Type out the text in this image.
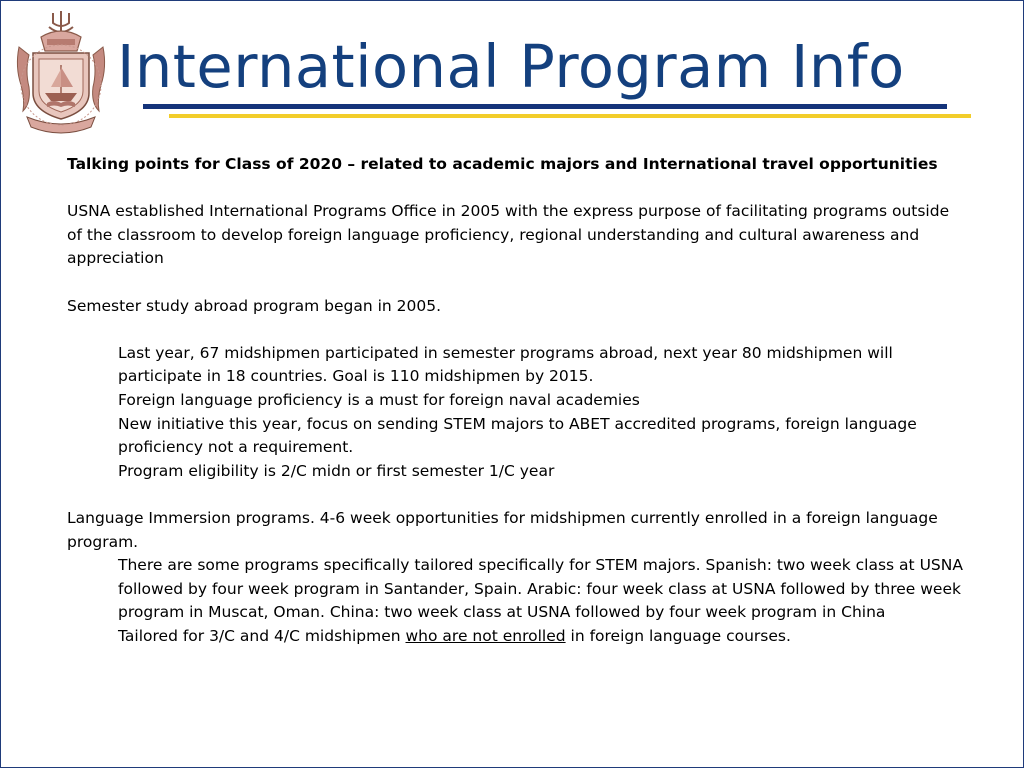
International Program Info

Talking points for Class of 2020 – related to academic majors and International travel opportunities

USNA established International Programs Office in 2005 with the express purpose of facilitating programs outside of the classroom to develop foreign language proficiency, regional understanding and cultural awareness and appreciation

Semester study abroad program began in 2005.

Last year, 67 midshipmen participated in semester programs abroad, next year 80 midshipmen will participate in 18 countries. Goal is 110 midshipmen by 2015.

Foreign language proficiency is a must for foreign naval academies

New initiative this year, focus on sending STEM majors to ABET accredited programs, foreign language proficiency not a requirement.

Program eligibility is 2/C midn or first semester 1/C year

Language Immersion programs. 4-6 week opportunities for midshipmen currently enrolled in a foreign language program.

There are some programs specifically tailored specifically for STEM majors. Spanish: two week class at USNA followed by four week program in Santander, Spain. Arabic: four week class at USNA followed by three week program in Muscat, Oman. China: two week class at USNA followed by four week program in China

Tailored for 3/C and 4/C midshipmen who are not enrolled in foreign language courses.
